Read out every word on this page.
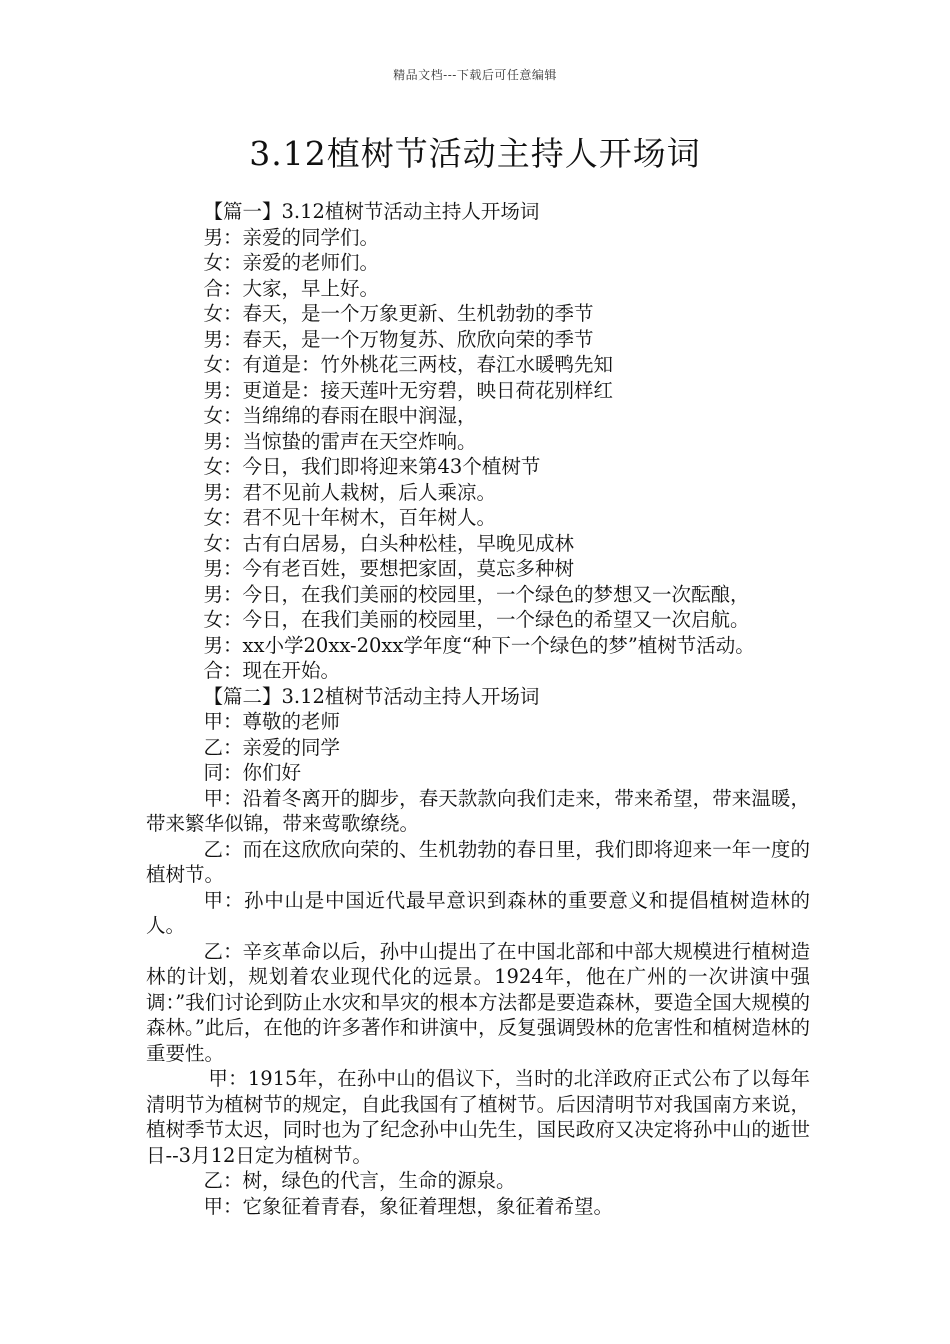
精品文档---下载后可任意编辑
3.12植树节活动主持人开场词

【篇一】3.12植树节活动主持人开场词

男：亲爱的同学们。

女：亲爱的老师们。

合：大家，早上好。

女：春天，是一个万象更新、生机勃勃的季节

男：春天，是一个万物复苏、欣欣向荣的季节

女：有道是：竹外桃花三两枝，春江水暖鸭先知

男：更道是：接天莲叶无穷碧，映日荷花别样红

女：当绵绵的春雨在眼中润湿，

男：当惊蛰的雷声在天空炸响。

女：今日，我们即将迎来第43个植树节

男：君不见前人栽树，后人乘凉。

女：君不见十年树木，百年树人。

女：古有白居易，白头种松桂，早晚见成林

男：今有老百姓，要想把家固，莫忘多种树

男：今日，在我们美丽的校园里，一个绿色的梦想又一次酝酿，

女：今日，在我们美丽的校园里，一个绿色的希望又一次启航。

男：xx小学20xx-20xx学年度“种下一个绿色的梦”植树节活动。

合：现在开始。

【篇二】3.12植树节活动主持人开场词

甲：尊敬的老师

乙：亲爱的同学

同：你们好

甲：沿着冬离开的脚步，春天款款向我们走来，带来希望，带来温暖，带来繁华似锦，带来莺歌缭绕。

乙：而在这欣欣向荣的、生机勃勃的春日里，我们即将迎来一年一度的植树节。

甲：孙中山是中国近代最早意识到森林的重要意义和提倡植树造林的人。

乙：辛亥革命以后，孙中山提出了在中国北部和中部大规模进行植树造林的计划，规划着农业现代化的远景。1924年，他在广州的一次讲演中强调：”我们讨论到防止水灾和旱灾的根本方法都是要造森林，要造全国大规模的森林。”此后，在他的许多著作和讲演中，反复强调毁林的危害性和植树造林的重要性。

甲：1915年，在孙中山的倡议下，当时的北洋政府正式公布了以每年清明节为植树节的规定，自此我国有了植树节。后因清明节对我国南方来说，植树季节太迟，同时也为了纪念孙中山先生，国民政府又决定将孙中山的逝世日--3月12日定为植树节。

乙：树，绿色的代言，生命的源泉。

甲：它象征着青春，象征着理想，象征着希望。
